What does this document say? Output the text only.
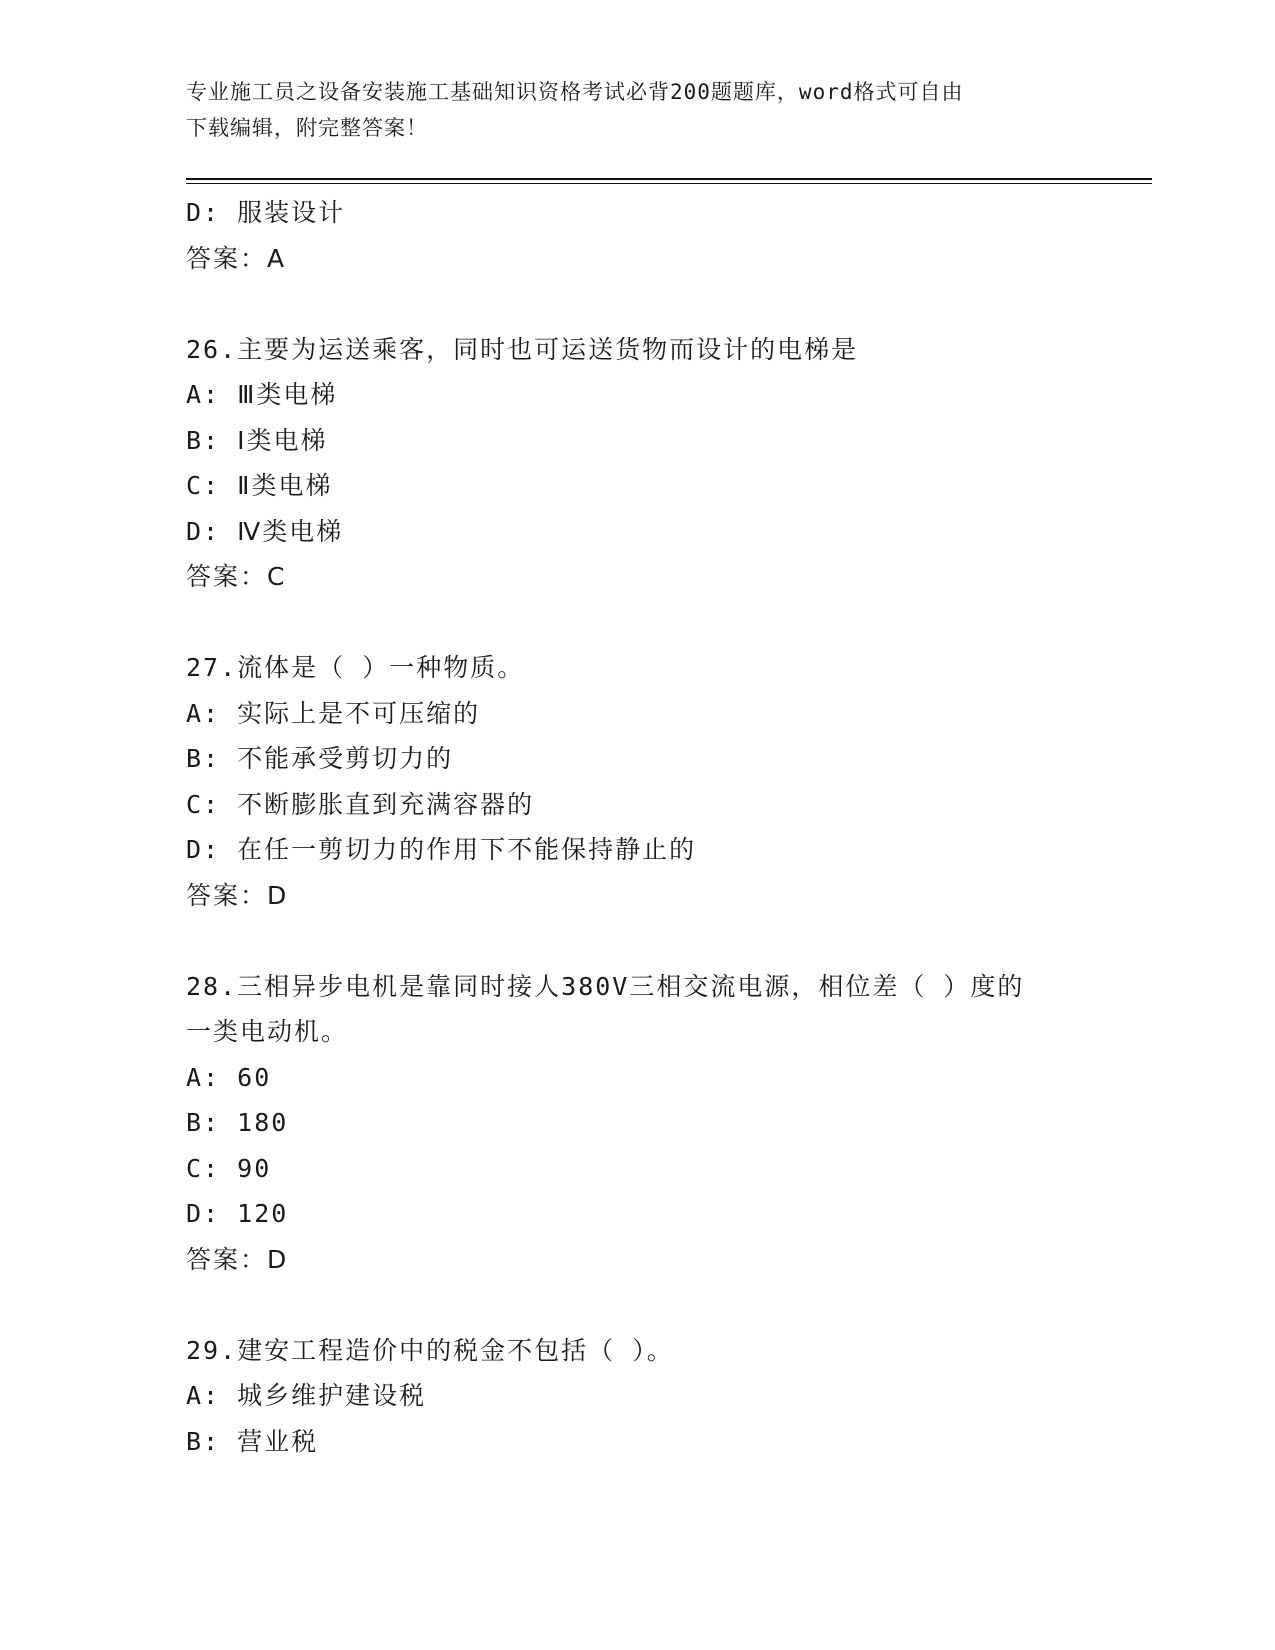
专业施工员之设备安装施工基础知识资格考试必背200题题库，word格式可自由
下载编辑，附完整答案！
D: 服装设计
答案：A
26.主要为运送乘客，同时也可运送货物而设计的电梯是
A: Ⅲ类电梯
B: Ⅰ类电梯
C: Ⅱ类电梯
D: Ⅳ类电梯
答案：C
27.流体是（ ）一种物质。
A: 实际上是不可压缩的
B: 不能承受剪切力的
C: 不断膨胀直到充满容器的
D: 在任一剪切力的作用下不能保持静止的
答案：D
28.三相异步电机是靠同时接人380V三相交流电源，相位差（ ）度的
一类电动机。
A: 60
B: 180
C: 90
D: 120
答案：D
29.建安工程造价中的税金不包括（ ）。
A: 城乡维护建设税
B: 营业税
